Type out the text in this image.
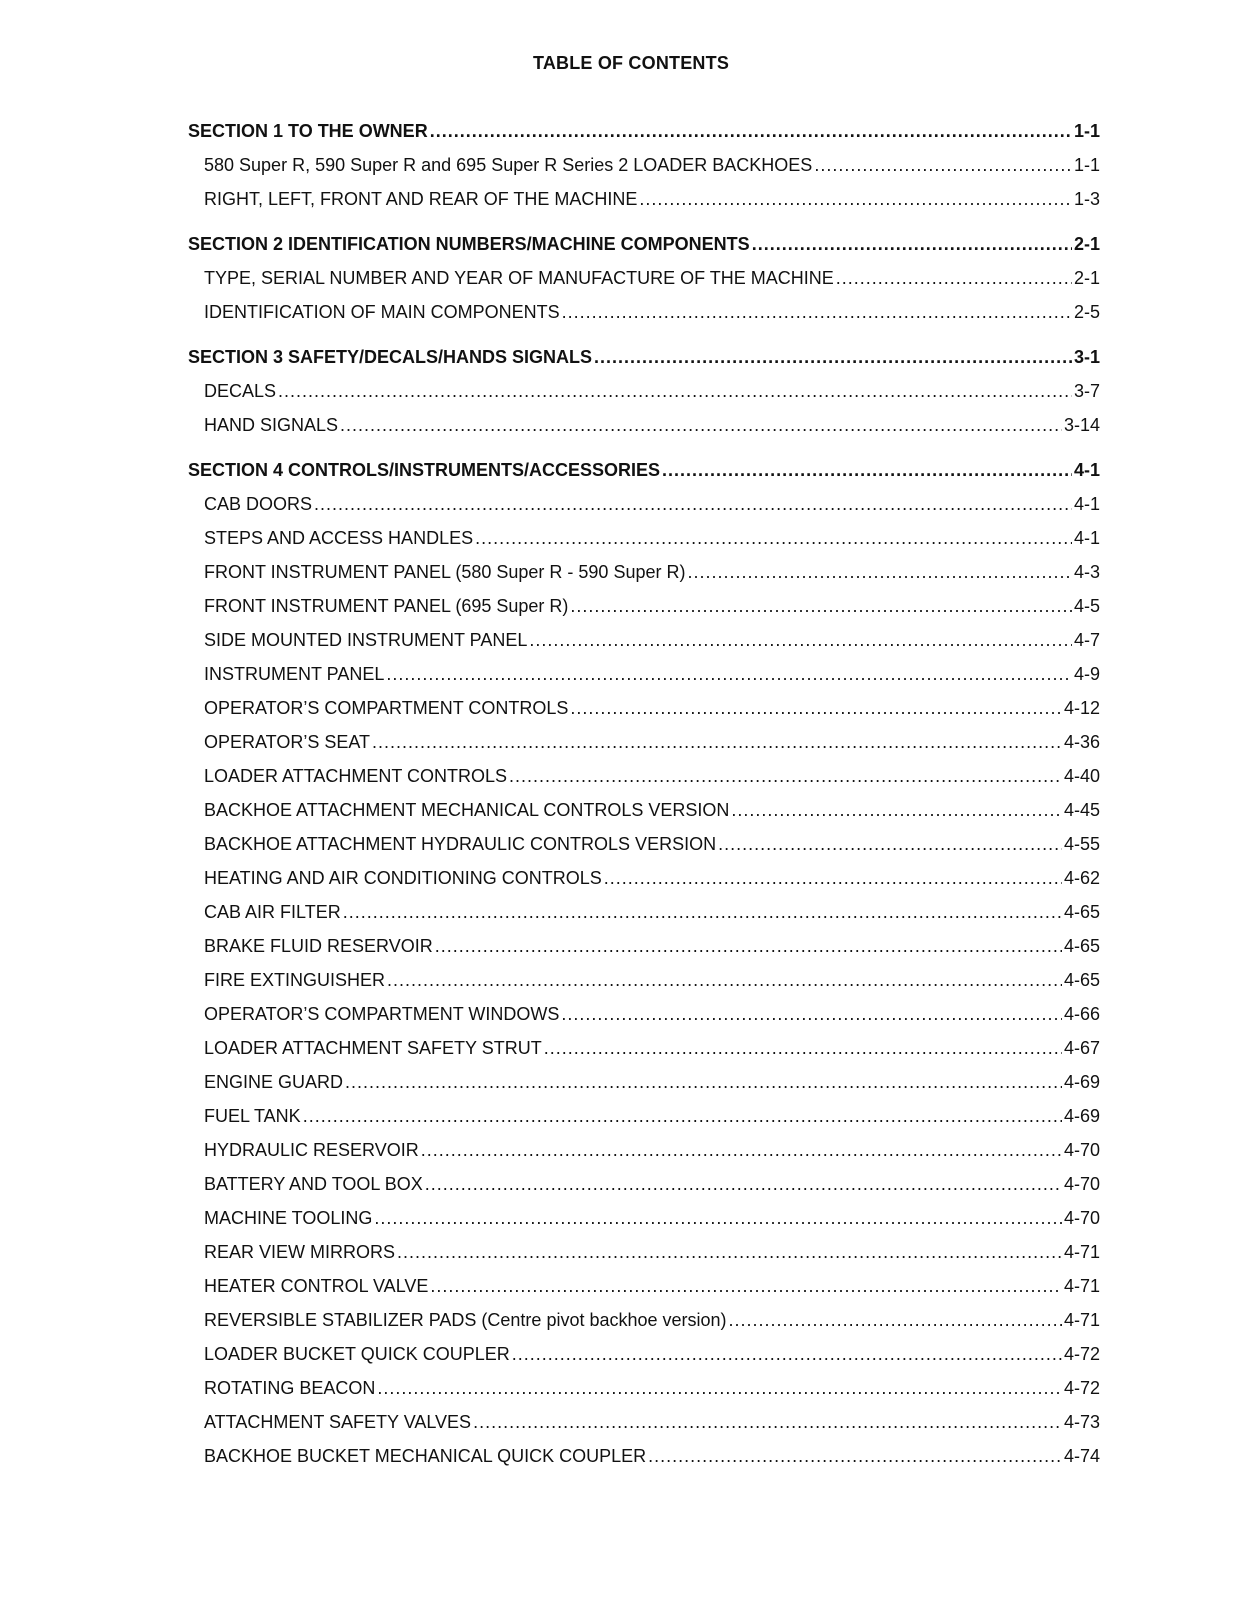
TABLE OF CONTENTS
SECTION 1 TO THE OWNER .....	1-1
580 Super R, 590 Super R and 695 Super R Series 2 LOADER BACKHOES .....	1-1
RIGHT, LEFT, FRONT AND REAR OF THE MACHINE .....	1-3
SECTION 2 IDENTIFICATION NUMBERS/MACHINE COMPONENTS .....	2-1
TYPE, SERIAL NUMBER AND YEAR OF MANUFACTURE OF THE MACHINE .....	2-1
IDENTIFICATION OF MAIN COMPONENTS .....	2-5
SECTION 3 SAFETY/DECALS/HANDS SIGNALS .....	3-1
DECALS .....	3-7
HAND SIGNALS .....	3-14
SECTION 4 CONTROLS/INSTRUMENTS/ACCESSORIES .....	4-1
CAB DOORS .....	4-1
STEPS AND ACCESS HANDLES .....	4-1
FRONT INSTRUMENT PANEL (580 Super R - 590 Super R) .....	4-3
FRONT INSTRUMENT PANEL (695 Super R) .....	4-5
SIDE MOUNTED INSTRUMENT PANEL .....	4-7
INSTRUMENT PANEL .....	4-9
OPERATOR’S COMPARTMENT CONTROLS .....	4-12
OPERATOR’S SEAT .....	4-36
LOADER ATTACHMENT CONTROLS .....	4-40
BACKHOE ATTACHMENT MECHANICAL CONTROLS VERSION .....	4-45
BACKHOE ATTACHMENT HYDRAULIC CONTROLS VERSION .....	4-55
HEATING AND AIR CONDITIONING CONTROLS .....	4-62
CAB AIR FILTER .....	4-65
BRAKE FLUID RESERVOIR .....	4-65
FIRE EXTINGUISHER .....	4-65
OPERATOR’S COMPARTMENT WINDOWS .....	4-66
LOADER ATTACHMENT SAFETY STRUT .....	4-67
ENGINE GUARD .....	4-69
FUEL TANK .....	4-69
HYDRAULIC RESERVOIR .....	4-70
BATTERY AND TOOL BOX .....	4-70
MACHINE TOOLING .....	4-70
REAR VIEW MIRRORS .....	4-71
HEATER CONTROL VALVE .....	4-71
REVERSIBLE STABILIZER PADS (Centre pivot backhoe version) .....	4-71
LOADER BUCKET QUICK COUPLER .....	4-72
ROTATING BEACON .....	4-72
ATTACHMENT SAFETY VALVES .....	4-73
BACKHOE BUCKET MECHANICAL QUICK COUPLER .....	4-74
